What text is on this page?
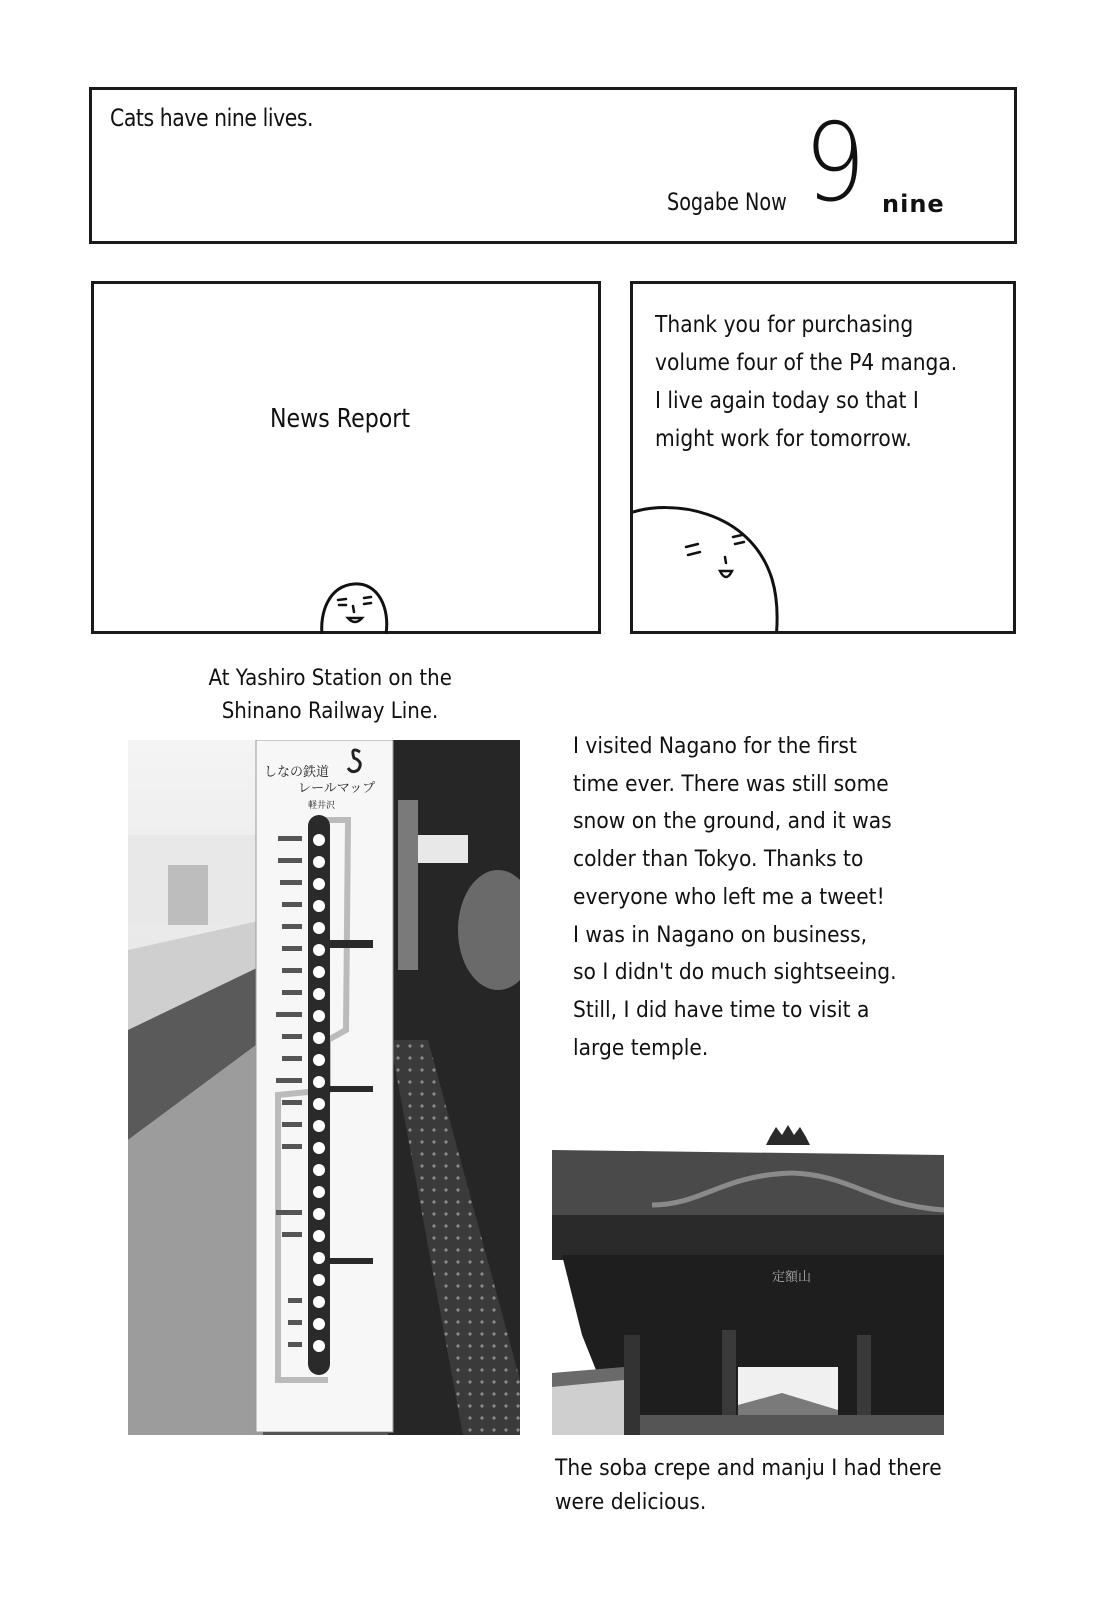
Cats have nine lives.
Sogabe Now 9 nine
News Report
Thank you for purchasing
volume four of the P4 manga.
I live again today so that I
might work for tomorrow.
At Yashiro Station on the
Shinano Railway Line.
しなの鉄道
レールマップ
軽井沢
I visited Nagano for the first
time ever. There was still some
snow on the ground, and it was
colder than Tokyo. Thanks to
everyone who left me a tweet!
I was in Nagano on business,
so I didn't do much sightseeing.
Still, I did have time to visit a
large temple.
定額山
The soba crepe and manju I had there
were delicious.
